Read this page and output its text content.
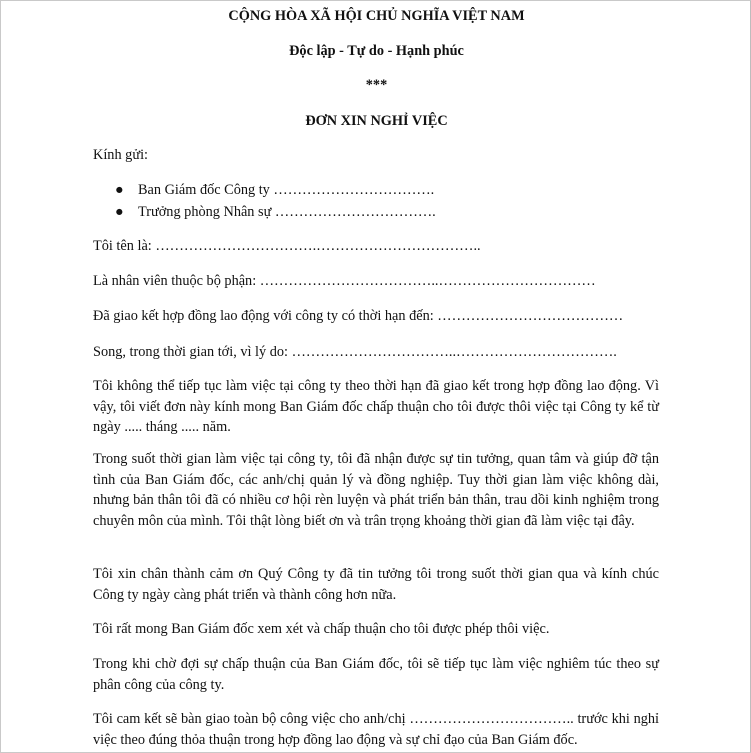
CỘNG HÒA XÃ HỘI CHỦ NGHĨA VIỆT NAM
Độc lập - Tự do - Hạnh phúc
***
ĐƠN XIN NGHỈ VIỆC
Kính gửi:
● Ban Giám đốc Công ty …………………………….
● Trưởng phòng Nhân sự …………………………….
Tôi tên là: …………………………….……………………………..
Là nhân viên thuộc bộ phận: ………………………………..……………………………
Đã giao kết hợp đồng lao động với công ty có thời hạn đến: …………………………………
Song, trong thời gian tới, vì lý do: ……………………………..…………………………….
Tôi không thể tiếp tục làm việc tại công ty theo thời hạn đã giao kết trong hợp đồng lao động. Vì vậy, tôi viết đơn này kính mong Ban Giám đốc chấp thuận cho tôi được thôi việc tại Công ty kể từ ngày ..... tháng ..... năm.
Trong suốt thời gian làm việc tại công ty, tôi đã nhận được sự tin tưởng, quan tâm và giúp đỡ tận tình của Ban Giám đốc, các anh/chị quản lý và đồng nghiệp. Tuy thời gian làm việc không dài, nhưng bản thân tôi đã có nhiều cơ hội rèn luyện và phát triển bản thân, trau dồi kinh nghiệm trong chuyên môn của mình. Tôi thật lòng biết ơn và trân trọng khoảng thời gian đã làm việc tại đây.
Tôi xin chân thành cảm ơn Quý Công ty đã tin tưởng tôi trong suốt thời gian qua và kính chúc Công ty ngày càng phát triển và thành công hơn nữa.
Tôi rất mong Ban Giám đốc xem xét và chấp thuận cho tôi được phép thôi việc.
Trong khi chờ đợi sự chấp thuận của Ban Giám đốc, tôi sẽ tiếp tục làm việc nghiêm túc theo sự phân công của công ty.
Tôi cam kết sẽ bàn giao toàn bộ công việc cho anh/chị …………………………….. trước khi nghỉ việc theo đúng thỏa thuận trong hợp đồng lao động và sự chỉ đạo của Ban Giám đốc.
